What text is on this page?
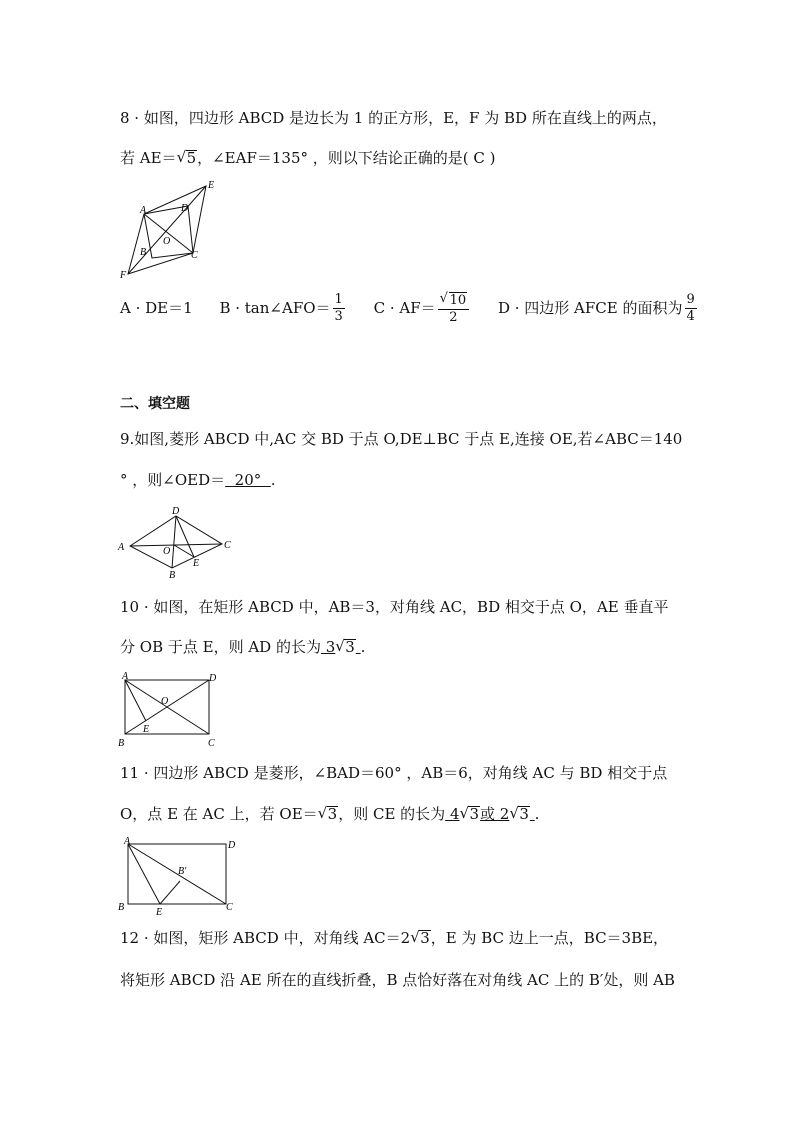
8 · 如图，四边形 ABCD 是边长为 1 的正方形，E，F 为 BD 所在直线上的两点，
若 AE＝ √ 5，∠EAF＝135° ，则以下结论正确的是( C )
A	D
E
B
O
C
F
A · DE＝1 B · tan∠AFO＝ $\frac{1}{3}$ C · AF＝ √ $\frac{10}{2}$ D · 四边形 AFCE 的面积为 $\frac{9}{4}$
二、填空题
9.如图,菱形 ABCD 中,AC 交 BD 于点 O,DE⊥BC 于点 E,连接 OE,若∠ABC＝140
° ，则∠OED＝  20°  .
A
D
C
B
O
E
10 · 如图，在矩形 ABCD 中，AB＝3，对角线 AC，BD 相交于点 O，AE 垂直平
分 OB 于点 E，则 AD 的长为 3 √ 3 .
A	D
O
E
B	C
11 · 四边形 ABCD 是菱形，∠BAD＝60° ，AB＝6，对角线 AC 与 BD 相交于点
O，点 E 在 AC 上，若 OE＝ √ 3，则 CE 的长为 4 √ 3或 2 √ 3 .
A	D
B′
B	E	C
12 · 如图，矩形 ABCD 中，对角线 AC＝2 √ 3，E 为 BC 边上一点，BC＝3BE，
将矩形 ABCD 沿 AE 所在的直线折叠，B 点恰好落在对角线 AC 上的 B′处，则 AB
